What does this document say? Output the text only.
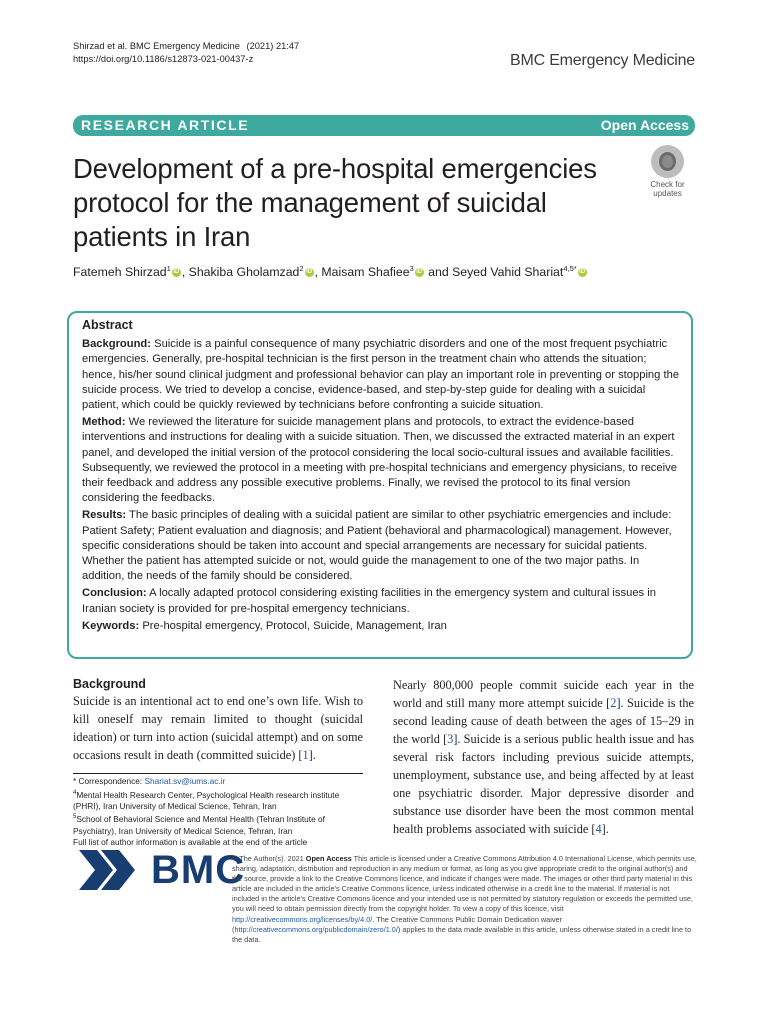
Shirzad et al. BMC Emergency Medicine (2021) 21:47
https://doi.org/10.1186/s12873-021-00437-z	BMC Emergency Medicine
RESEARCH ARTICLE	Open Access
Development of a pre-hospital emergencies protocol for the management of suicidal patients in Iran
Check for
updates
Fatemeh Shirzad$^1$ iD , Shakiba Gholamzad$^2$ iD , Maisam Shafiee$^3$ iD and Seyed Vahid Shariat$^{4,5*}$ iD
Abstract

Background: Suicide is a painful consequence of many psychiatric disorders and one of the most frequent psychiatric emergencies. Generally, pre-hospital technician is the first person in the treatment chain who attends the situation; hence, his/her sound clinical judgment and professional behavior can play an important role in preventing or stopping the suicide process. We tried to develop a concise, evidence-based, and step-by-step guide for dealing with a suicidal patient, which could be quickly reviewed by technicians before confronting a suicide situation.

Method: We reviewed the literature for suicide management plans and protocols, to extract the evidence-based interventions and instructions for dealing with a suicide situation. Then, we discussed the extracted material in an expert panel, and developed the initial version of the protocol considering the local socio-cultural issues and available facilities. Subsequently, we reviewed the protocol in a meeting with pre-hospital technicians and emergency physicians, to receive their feedback and address any possible executive problems. Finally, we revised the protocol to its final version considering the feedbacks.

Results: The basic principles of dealing with a suicidal patient are similar to other psychiatric emergencies and include: Patient Safety; Patient evaluation and diagnosis; and Patient (behavioral and pharmacological) management. However, specific considerations should be taken into account and special arrangements are necessary for suicidal patients. Whether the patient has attempted suicide or not, would guide the management to one of the two major paths. In addition, the needs of the family should be considered.

Conclusion: A locally adapted protocol considering existing facilities in the emergency system and cultural issues in Iranian society is provided for pre-hospital emergency technicians.

Keywords: Pre-hospital emergency, Protocol, Suicide, Management, Iran

Background
Suicide is an intentional act to end one’s own life. Wish to kill oneself may remain limited to thought (suicidal ideation) or turn into action (suicidal attempt) and on some occasions result in death (committed suicide) [1].
Nearly 800,000 people commit suicide each year in the world and still many more attempt suicide [2]. Suicide is the second leading cause of death between the ages of 15–29 in the world [3]. Suicide is a serious public health issue and has several risk factors including previous suicide attempts, unemployment, substance use, and being affected by at least one psychiatric disorder. Major depressive disorder and substance use disorder have been the most common mental health problems associated with suicide [4].
* Correspondence: Shariat.sv@iums.ac.ir
$^4$Mental Health Research Center, Psychological Health research institute (PHRI), Iran University of Medical Science, Tehran, Iran
$^5$School of Behavioral Science and Mental Health (Tehran Institute of Psychiatry), Iran University of Medical Science, Tehran, Iran
Full list of author information is available at the end of the article
BMC
© The Author(s). 2021 Open Access This article is licensed under a Creative Commons Attribution 4.0 International License, which permits use, sharing, adaptation, distribution and reproduction in any medium or format, as long as you give appropriate credit to the original author(s) and the source, provide a link to the Creative Commons licence, and indicate if changes were made. The images or other third party material in this article are included in the article's Creative Commons licence, unless indicated otherwise in a credit line to the material. If material is not included in the article's Creative Commons licence and your intended use is not permitted by statutory regulation or exceeds the permitted use, you will need to obtain permission directly from the copyright holder. To view a copy of this licence, visit http://creativecommons.org/licenses/by/4.0/. The Creative Commons Public Domain Dedication waiver (http://creativecommons.org/publicdomain/zero/1.0/) applies to the data made available in this article, unless otherwise stated in a credit line to the data.
